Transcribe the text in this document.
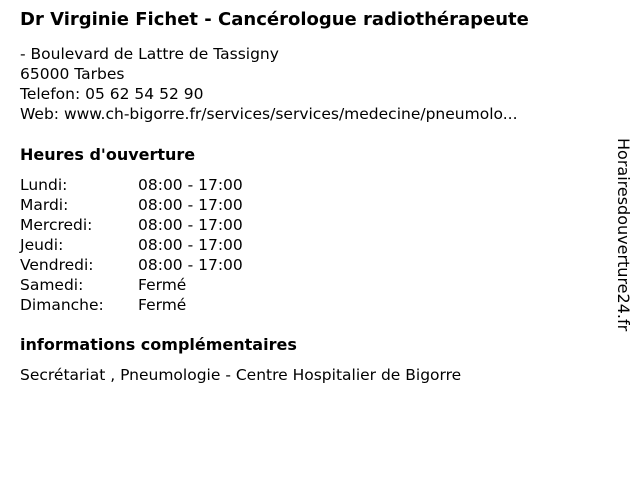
Dr Virginie Fichet - Cancérologue radiothérapeute
- Boulevard de Lattre de Tassigny
65000 Tarbes
Telefon: 05 62 54 52 90
Web: www.ch-bigorre.fr/services/services/medecine/pneumolo...
Heures d'ouverture
Lundi:	08:00 - 17:00
Mardi:	08:00 - 17:00
Mercredi:	08:00 - 17:00
Jeudi:	08:00 - 17:00
Vendredi:	08:00 - 17:00
Samedi:	Fermé
Dimanche:	Fermé
informations complémentaires
Secrétariat , Pneumologie - Centre Hospitalier de Bigorre
Horairesdouverture24.fr
